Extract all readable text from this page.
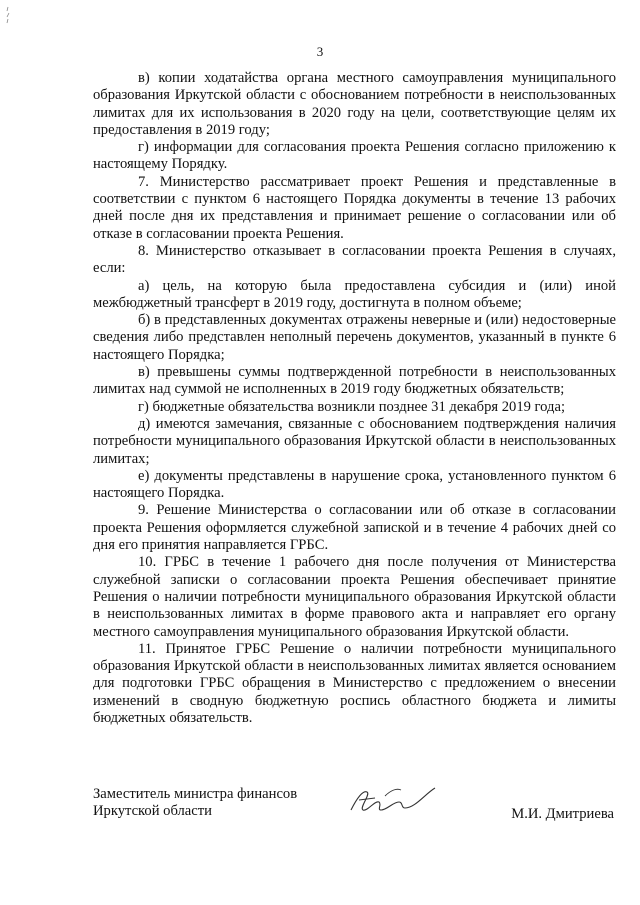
3

в) копии ходатайства органа местного самоуправления муниципального образования Иркутской области с обоснованием потребности в неиспользованных лимитах для их использования в 2020 году на цели, соответствующие целям их предоставления в 2019 году;

г) информации для согласования проекта Решения согласно приложению к настоящему Порядку.

7. Министерство рассматривает проект Решения и представленные в соответствии с пунктом 6 настоящего Порядка документы в течение 13 рабочих дней после дня их представления и принимает решение о согласовании или об отказе в согласовании проекта Решения.

8. Министерство отказывает в согласовании проекта Решения в случаях, если:

а) цель, на которую была предоставлена субсидия и (или) иной межбюджетный трансферт в 2019 году, достигнута в полном объеме;

б) в представленных документах отражены неверные и (или) недостоверные сведения либо представлен неполный перечень документов, указанный в пункте 6 настоящего Порядка;

в) превышены суммы подтвержденной потребности в неиспользованных лимитах над суммой не исполненных в 2019 году бюджетных обязательств;

г) бюджетные обязательства возникли позднее 31 декабря 2019 года;

д) имеются замечания, связанные с обоснованием подтверждения наличия потребности муниципального образования Иркутской области в неиспользованных лимитах;

е) документы представлены в нарушение срока, установленного пунктом 6 настоящего Порядка.

9. Решение Министерства о согласовании или об отказе в согласовании проекта Решения оформляется служебной запиской и в течение 4 рабочих дней со дня его принятия направляется ГРБС.

10. ГРБС в течение 1 рабочего дня после получения от Министерства служебной записки о согласовании проекта Решения обеспечивает принятие Решения о наличии потребности муниципального образования Иркутской области в неиспользованных лимитах в форме правового акта и направляет его органу местного самоуправления муниципального образования Иркутской области.

11. Принятое ГРБС Решение о наличии потребности муниципального образования Иркутской области в неиспользованных лимитах является основанием для подготовки ГРБС обращения в Министерство с предложением о внесении изменений в сводную бюджетную роспись областного бюджета и лимиты бюджетных обязательств.

Заместитель министра финансов
Иркутской области	М.И. Дмитриева
